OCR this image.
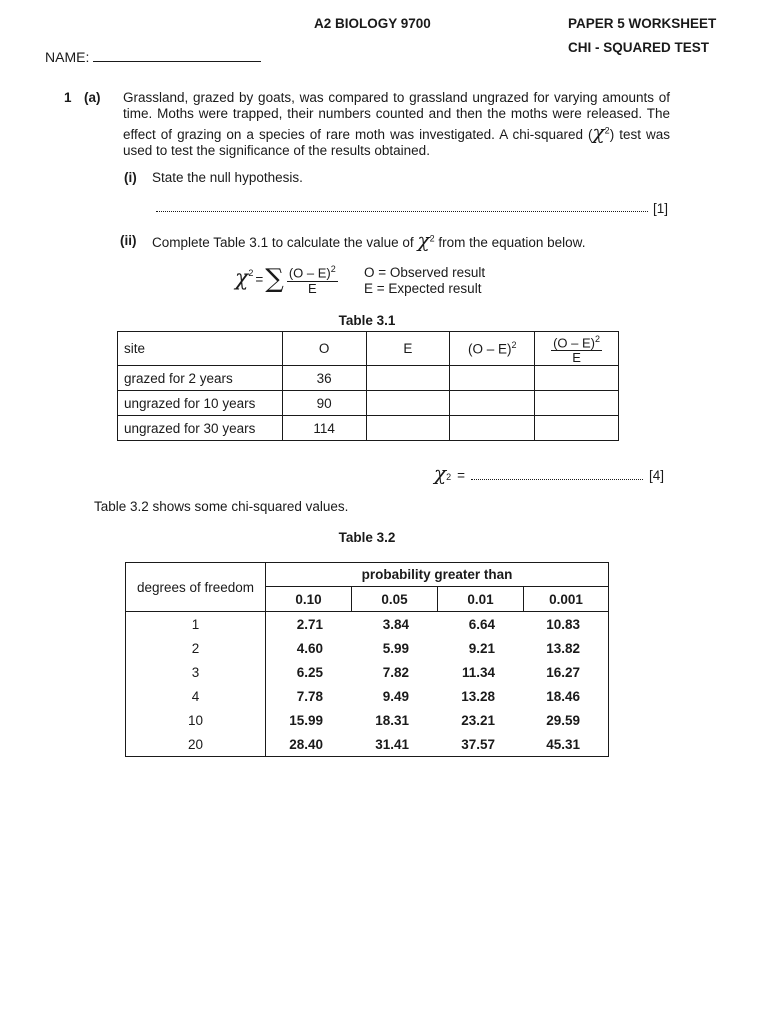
A2 BIOLOGY 9700	PAPER 5 WORKSHEET
CHI - SQUARED TEST
NAME:
1 (a) Grassland, grazed by goats, was compared to grassland ungrazed for varying amounts of time. Moths were trapped, their numbers counted and then the moths were released. The effect of grazing on a species of rare moth was investigated. A chi-squared $(\chi^2)$ test was used to test the significance of the results obtained.
(i) State the null hypothesis.
[1]
(ii) Complete Table 3.1 to calculate the value of $\chi^2$ from the equation below.
$\chi^2$ = ∑ $\frac{(O - E)^2}{E}$ O = Observed result
E = Expected result
Table 3.1
site	O	E	(O – E)$^2$	$\frac{(O - E)^2}{E}$

grazed for 2 years	36			
ungrazed for 10 years	90			
ungrazed for 30 years	114			
$\chi_2$ =	[4]
Table 3.2 shows some chi-squared values.
Table 3.2
degrees of freedom
probability greater than
0.10	0.05	0.01	0.001
1	2.71	3.84	6.64	10.83
2	4.60	5.99	9.21	13.82
3	6.25	7.82	11.34	16.27
4	7.78	9.49	13.28	18.46
10	15.99	18.31	23.21	29.59
20	28.40	31.41	37.57	45.31
